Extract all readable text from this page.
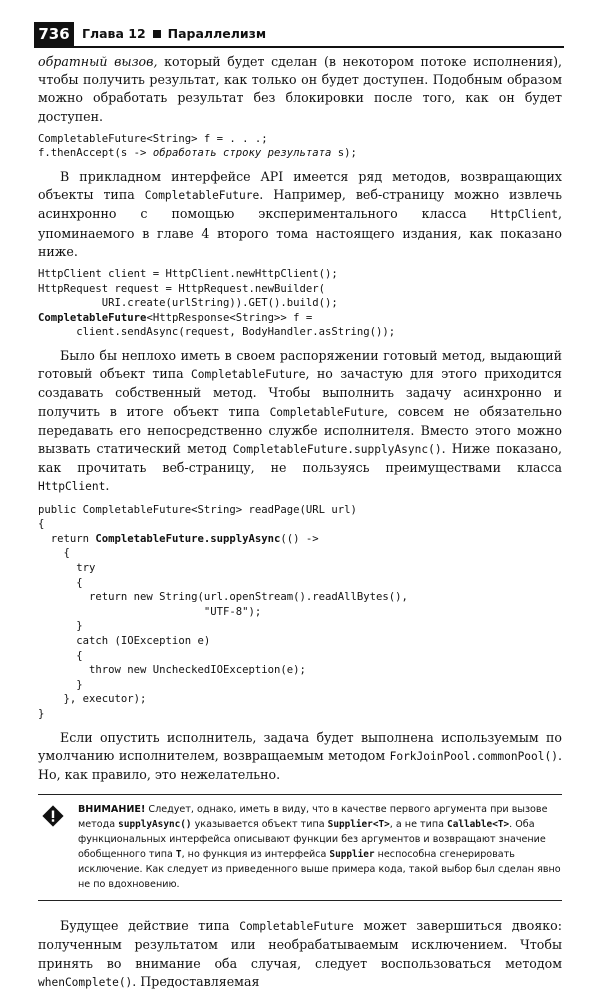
736 Глава 12 Параллелизм

обратный вызов, который будет сделан (в некотором потоке исполнения), чтобы получить результат, как только он будет доступен. Подобным образом можно обработать результат без блокировки после того, как он будет доступен.

CompletableFuture<String> f = . . .;
f.thenAccept(s -> обработать строку результата s);

В прикладном интерфейсе API имеется ряд методов, возвращающих объекты типа CompletableFuture. Например, веб-страницу можно извлечь асинхронно с помощью экспериментального класса HttpClient, упоминаемого в главе 4 второго тома настоящего издания, как показано ниже.

HttpClient client = HttpClient.newHttpClient();
HttpRequest request = HttpRequest.newBuilder(
URI.create(urlString)).GET().build();
CompletableFuture<HttpResponse<String>> f =
client.sendAsync(request, BodyHandler.asString());

Было бы неплохо иметь в своем распоряжении готовый метод, выдающий готовый объект типа CompletableFuture, но зачастую для этого приходится создавать собственный метод. Чтобы выполнить задачу асинхронно и получить в итоге объект типа CompletableFuture, совсем не обязательно передавать его непосредственно службе исполнителя. Вместо этого можно вызвать статический метод CompletableFuture.supplyAsync(). Ниже показано, как прочитать веб-страницу, не пользуясь преимуществами класса HttpClient.

public CompletableFuture<String> readPage(URL url)
{
return CompletableFuture.supplyAsync(() ->
{
try
{
return new String(url.openStream().readAllBytes(),
"UTF-8");
}
catch (IOException e)
{
throw new UncheckedIOException(e);
}
}, executor);
}

Если опустить исполнитель, задача будет выполнена используемым по умолчанию исполнителем, возвращаемым методом ForkJoinPool.commonPool(). Но, как правило, это нежелательно.

ВНИМАНИЕ! Следует, однако, иметь в виду, что в качестве первого аргумента при вызове метода supplyAsync() указывается объект типа Supplier<T>, а не типа Callable<T>. Оба функциональных интерфейса описывают функции без аргументов и возвращают значение обобщенного типа T, но функция из интерфейса Supplier неспособна сгенерировать исключение. Как следует из приведенного выше примера кода, такой выбор был сделан явно не по вдохновению.

Будущее действие типа CompletableFuture может завершиться двояко: полученным результатом или необрабатываемым исключением. Чтобы принять во внимание оба случая, следует воспользоваться методом whenComplete(). Предоставляемая
